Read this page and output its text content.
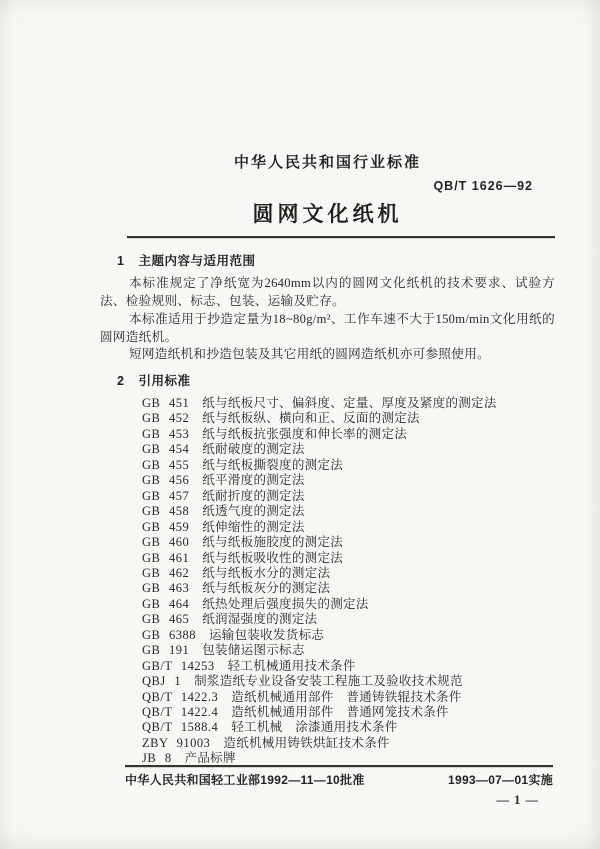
中华人民共和国行业标准
QB/T 1626—92
圆网文化纸机
1 主题内容与适用范围

本标准规定了净纸宽为2640mm以内的圆网文化纸机的技术要求、试验方法、检验规则、标志、包装、运输及贮存。

本标准适用于抄造定量为18~80g/m²、工作车速不大于150m/min文化用纸的圆网造纸机。

短网造纸机和抄造包装及其它用纸的圆网造纸机亦可参照使用。

2 引用标准
GB 451 纸与纸板尺寸、偏斜度、定量、厚度及紧度的测定法
GB 452 纸与纸板纵、横向和正、反面的测定法
GB 453 纸与纸板抗张强度和伸长率的测定法
GB 454 纸耐破度的测定法
GB 455 纸与纸板撕裂度的测定法
GB 456 纸平滑度的测定法
GB 457 纸耐折度的测定法
GB 458 纸透气度的测定法
GB 459 纸伸缩性的测定法
GB 460 纸与纸板施胶度的测定法
GB 461 纸与纸板吸收性的测定法
GB 462 纸与纸板水分的测定法
GB 463 纸与纸板灰分的测定法
GB 464 纸热处理后强度损失的测定法
GB 465 纸润湿强度的测定法
GB 6388 运输包装收发货标志
GB 191 包装储运图示标志
GB/T 14253 轻工机械通用技术条件
QBJ 1 制浆造纸专业设备安装工程施工及验收技术规范
QB/T 1422.3 造纸机械通用部件　普通铸铁辊技术条件
QB/T 1422.4 造纸机械通用部件　普通网笼技术条件
QB/T 1588.4 轻工机械　涂漆通用技术条件
ZBY 91003 造纸机械用铸铁烘缸技术条件
JB 8 产品标牌
中华人民共和国轻工业部1992—11—10批准	1993—07—01实施
— 1 —
